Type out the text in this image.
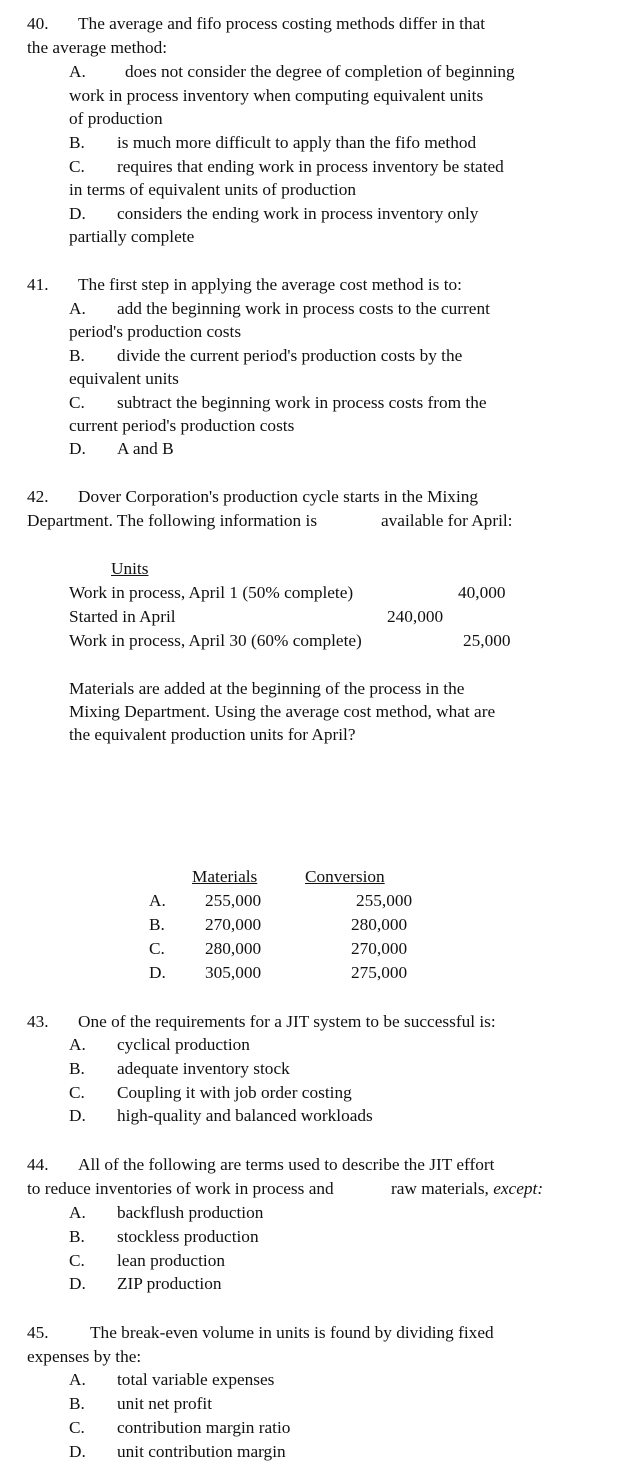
40. The average and fifo process costing methods differ in that
the average method:
A. does not consider the degree of completion of beginning
work in process inventory when computing equivalent units
of production
B. is much more difficult to apply than the fifo method
C. requires that ending work in process inventory be stated
in terms of equivalent units of production
D. considers the ending work in process inventory only
partially complete
41. The first step in applying the average cost method is to:
A. add the beginning work in process costs to the current
period's production costs
B. divide the current period's production costs by the
equivalent units
C. subtract the beginning work in process costs from the
current period's production costs
D. A and B
42. Dover Corporation's production cycle starts in the Mixing
Department. The following information is	available for April:
Units
Work in process, April 1 (50% complete)	40,000
Started in April	240,000
Work in process, April 30 (60% complete)	25,000
Materials are added at the beginning of the process in the
Mixing Department. Using the average cost method, what are
the equivalent production units for April?
Materials	Conversion
A. 255,000	255,000
B. 270,000	280,000
C. 280,000	270,000
D. 305,000	275,000
43. One of the requirements for a JIT system to be successful is:
A. cyclical production
B. adequate inventory stock
C. Coupling it with job order costing
D. high-quality and balanced workloads
44. All of the following are terms used to describe the JIT effort
to reduce inventories of work in process and	raw materials, except:
A. backflush production
B. stockless production
C. lean production
D. ZIP production
45. The break-even volume in units is found by dividing fixed
expenses by the:
A. total variable expenses
B. unit net profit
C. contribution margin ratio
D. unit contribution margin
